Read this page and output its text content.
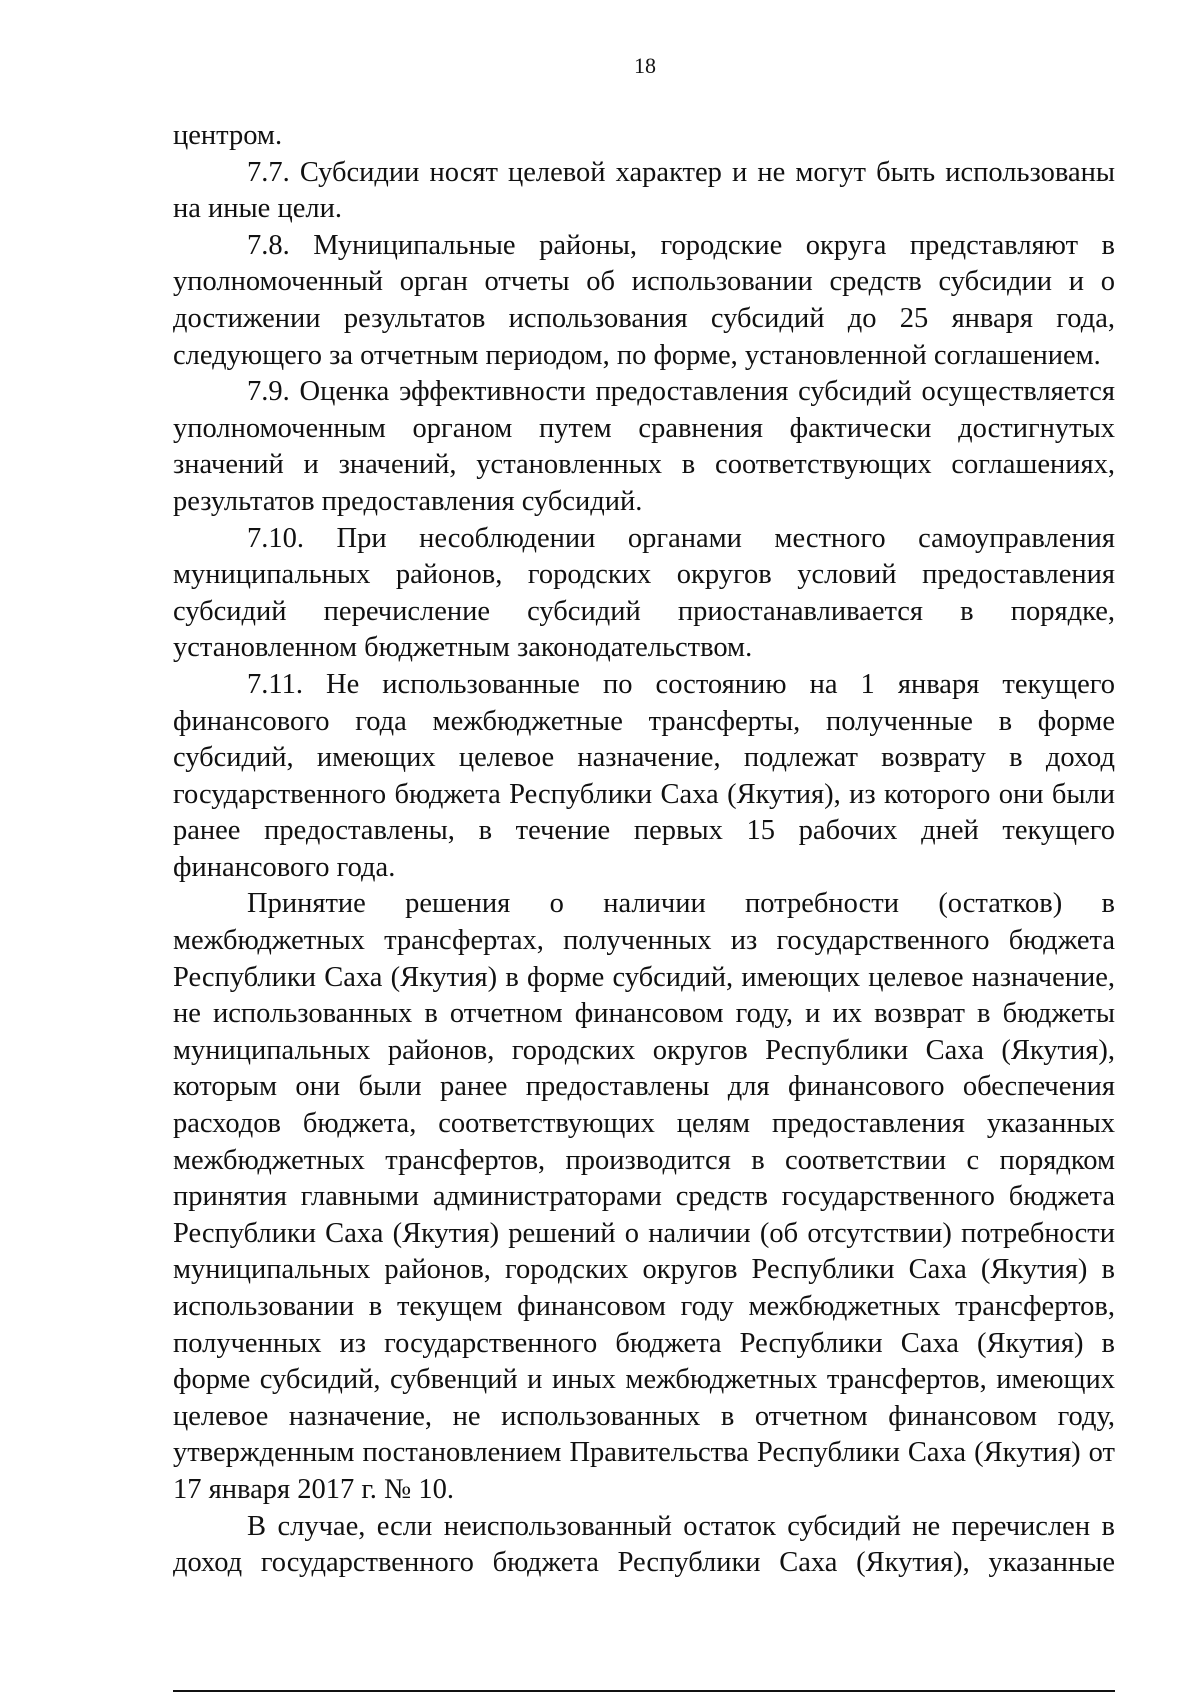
18

центром.

7.7. Субсидии носят целевой характер и не могут быть использованы на иные цели.

7.8. Муниципальные районы, городские округа представляют в уполномоченный орган отчеты об использовании средств субсидии и о достижении результатов использования субсидий до 25 января года, следующего за отчетным периодом, по форме, установленной соглашением.

7.9. Оценка эффективности предоставления субсидий осуществляется уполномоченным органом путем сравнения фактически достигнутых значений и значений, установленных в соответствующих соглашениях, результатов предоставления субсидий.

7.10. При несоблюдении органами местного самоуправления муниципальных районов, городских округов условий предоставления субсидий перечисление субсидий приостанавливается в порядке, установленном бюджетным законодательством.

7.11. Не использованные по состоянию на 1 января текущего финансового года межбюджетные трансферты, полученные в форме субсидий, имеющих целевое назначение, подлежат возврату в доход государственного бюджета Республики Саха (Якутия), из которого они были ранее предоставлены, в течение первых 15 рабочих дней текущего финансового года.

Принятие решения о наличии потребности (остатков) в межбюджетных трансфертах, полученных из государственного бюджета Республики Саха (Якутия) в форме субсидий, имеющих целевое назначение, не использованных в отчетном финансовом году, и их возврат в бюджеты муниципальных районов, городских округов Республики Саха (Якутия), которым они были ранее предоставлены для финансового обеспечения расходов бюджета, соответствующих целям предоставления указанных межбюджетных трансфертов, производится в соответствии с порядком принятия главными администраторами средств государственного бюджета Республики Саха (Якутия) решений о наличии (об отсутствии) потребности муниципальных районов, городских округов Республики Саха (Якутия) в использовании в текущем финансовом году межбюджетных трансфертов, полученных из государственного бюджета Республики Саха (Якутия) в форме субсидий, субвенций и иных межбюджетных трансфертов, имеющих целевое назначение, не использованных в отчетном финансовом году, утвержденным постановлением Правительства Республики Саха (Якутия) от 17 января 2017 г. № 10.

В случае, если неиспользованный остаток субсидий не перечислен в доход государственного бюджета Республики Саха (Якутия), указанные
